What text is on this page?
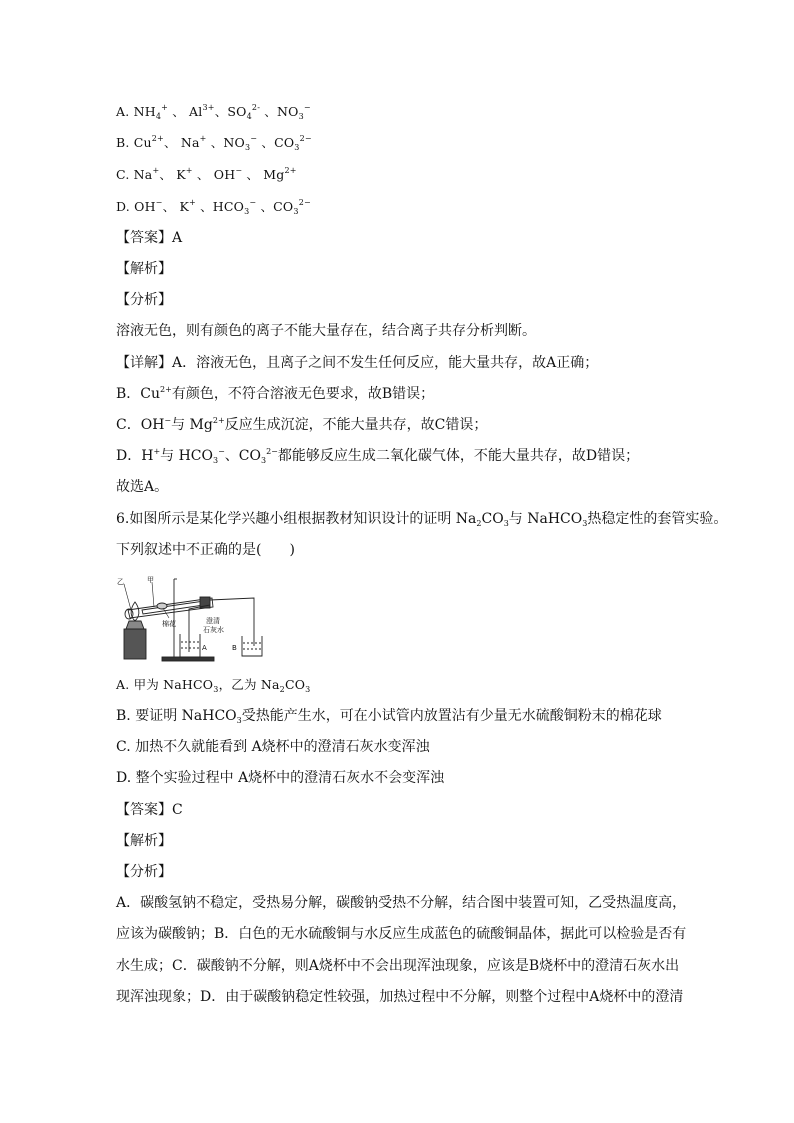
A. $NH_4^+$ 、 $Al^{3+}$、$SO_4^{2-}$ 、$NO_3^-$
B. $Cu^{2+}$、 Na+ 、$NO_3^-$ 、$CO_3^{2-}$
C. Na+、 K+ 、 OH− 、 $Mg^{2+}$
D. OH−、 K+ 、$HCO_3^-$ 、$CO_3^{2-}$
【答案】A
【解析】
【分析】
溶液无色，则有颜色的离子不能大量存在，结合离子共存分析判断。
【详解】A．溶液无色，且离子之间不发生任何反应，能大量共存，故A正确；
B．$Cu^{2+}$有颜色，不符合溶液无色要求，故B错误；
C．OH−与 $Mg^{2+}$反应生成沉淀，不能大量共存，故C错误；
D．H+与 $HCO_3^-$、$CO_3^{2-}$都能够反应生成二氧化碳气体，不能大量共存，故D错误；
故选A。
6.如图所示是某化学兴趣小组根据教材知识设计的证明 $Na_2CO_3$与 NaHCO$_3$热稳定性的套管实验。
下列叙述中不正确的是(　　)
乙	甲
棉花	澄清
石灰水
A	B
A. 甲为 NaHCO$_3$，乙为 $Na_2CO_3$
B. 要证明 NaHCO$_3$受热能产生水，可在小试管内放置沾有少量无水硫酸铜粉末的棉花球
C. 加热不久就能看到 A烧杯中的澄清石灰水变浑浊
D. 整个实验过程中 A烧杯中的澄清石灰水不会变浑浊
【答案】C
【解析】
【分析】
A．碳酸氢钠不稳定，受热易分解，碳酸钠受热不分解，结合图中装置可知，乙受热温度高，
应该为碳酸钠；B．白色的无水硫酸铜与水反应生成蓝色的硫酸铜晶体，据此可以检验是否有
水生成；C．碳酸钠不分解，则A烧杯中不会出现浑浊现象，应该是B烧杯中的澄清石灰水出
现浑浊现象；D．由于碳酸钠稳定性较强，加热过程中不分解，则整个过程中A烧杯中的澄清
